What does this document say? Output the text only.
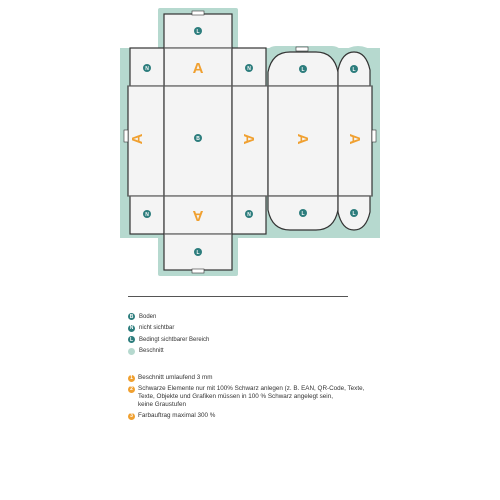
L
N	N	L	L
B
N	N	L	L
L
A
A
A	A A A
B Boden
N nicht sichtbar
L Bedingt sichtbarer Bereich
Beschnitt
1 Beschnitt umlaufend 3 mm
2 Schwarze Elemente nur mit 100% Schwarz anlegen (z. B. EAN, QR-Code, Texte,
Texte, Objekte und Grafiken müssen in 100 % Schwarz angelegt sein,
keine Graustufen
3 Farbauftrag maximal 300 %
